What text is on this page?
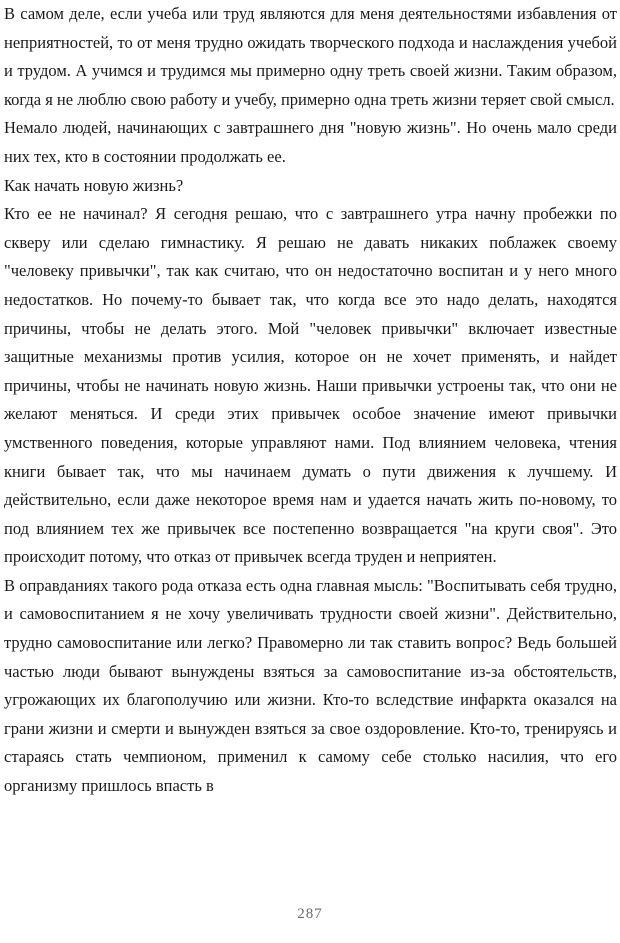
В самом деле, если учеба или труд являются для меня деятельностями избавления от неприятностей, то от меня трудно ожидать творческого подхода и наслаждения учебой и трудом. А учимся и трудимся мы примерно одну треть своей жизни. Таким образом, когда я не люблю свою работу и учебу, примерно одна треть жизни теряет свой смысл.

Немало людей, начинающих с завтрашнего дня "новую жизнь". Но очень мало среди них тех, кто в состоянии продолжать ее.

Как начать новую жизнь?

Кто ее не начинал? Я сегодня решаю, что с завтрашнего утра начну пробежки по скверу или сделаю гимнастику. Я решаю не давать никаких поблажек своему "человеку привычки", так как считаю, что он недостаточно воспитан и у него много недостатков. Но почему-то бывает так, что когда все это надо делать, находятся причины, чтобы не делать этого. Мой "человек привычки" включает известные защитные механизмы против усилия, которое он не хочет применять, и найдет причины, чтобы не начинать новую жизнь. Наши привычки устроены так, что они не желают меняться. И среди этих привычек особое значение имеют привычки умственного поведения, которые управляют нами. Под влиянием человека, чтения книги бывает так, что мы начинаем думать о пути движения к лучшему. И действительно, если даже некоторое время нам и удается начать жить по-новому, то под влиянием тех же привычек все постепенно возвращается "на круги своя". Это происходит потому, что отказ от привычек всегда труден и неприятен.

В оправданиях такого рода отказа есть одна главная мысль: "Воспитывать себя трудно, и самовоспитанием я не хочу увеличивать трудности своей жизни". Действительно, трудно самовоспитание или легко? Правомерно ли так ставить вопрос? Ведь большей частью люди бывают вынуждены взяться за самовоспитание из-за обстоятельств, угрожающих их благополучию или жизни. Кто-то вследствие инфаркта оказался на грани жизни и смерти и вынужден взяться за свое оздоровление. Кто-то, тренируясь и стараясь стать чемпионом, применил к самому себе столько насилия, что его организму пришлось впасть в

287
